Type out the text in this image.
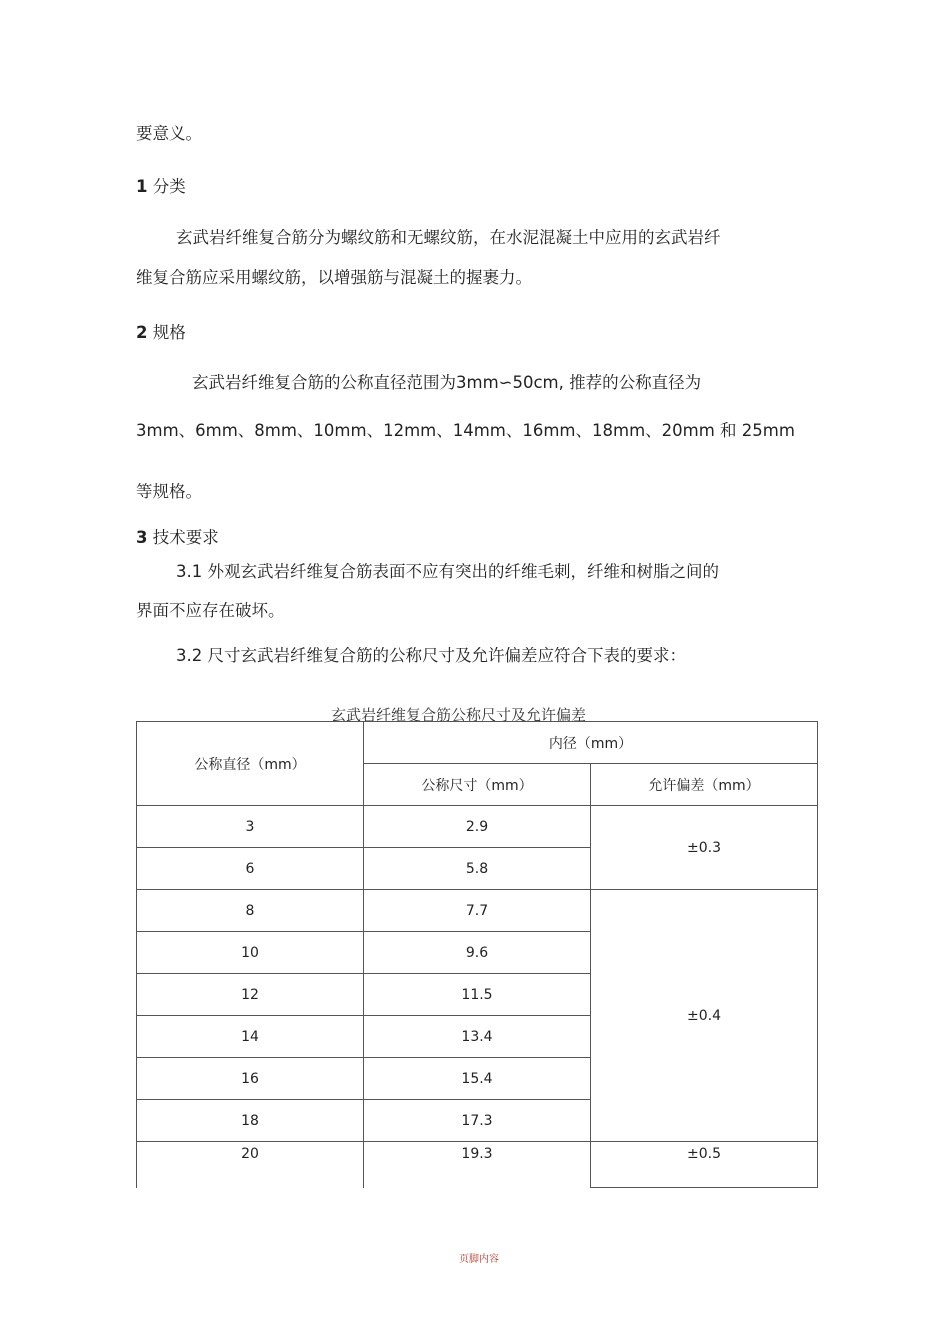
要意义。
1 分类
玄武岩纤维复合筋分为螺纹筋和无螺纹筋，在水泥混凝土中应用的玄武岩纤
维复合筋应采用螺纹筋，以增强筋与混凝土的握裹力。
2 规格
玄武岩纤维复合筋的公称直径范围为3mm∽50cm, 推荐的公称直径为
3mm、6mm、8mm、10mm、12mm、14mm、16mm、18mm、20mm 和 25mm
等规格。
3 技术要求
3.1 外观玄武岩纤维复合筋表面不应有突出的纤维毛刺，纤维和树脂之间的
界面不应存在破坏。
3.2 尺寸玄武岩纤维复合筋的公称尺寸及允许偏差应符合下表的要求：
玄武岩纤维复合筋公称尺寸及允许偏差
公称直径（mm）	内径（mm）	
	公称尺寸（mm）	允许偏差（mm）
3	2.9	±0.3
6	5.8	
8	7.7	±0.4
10	9.6	
12	11.5	
14	13.4	
16	15.4	
18	17.3	
20	19.3	±0.5
页脚内容
